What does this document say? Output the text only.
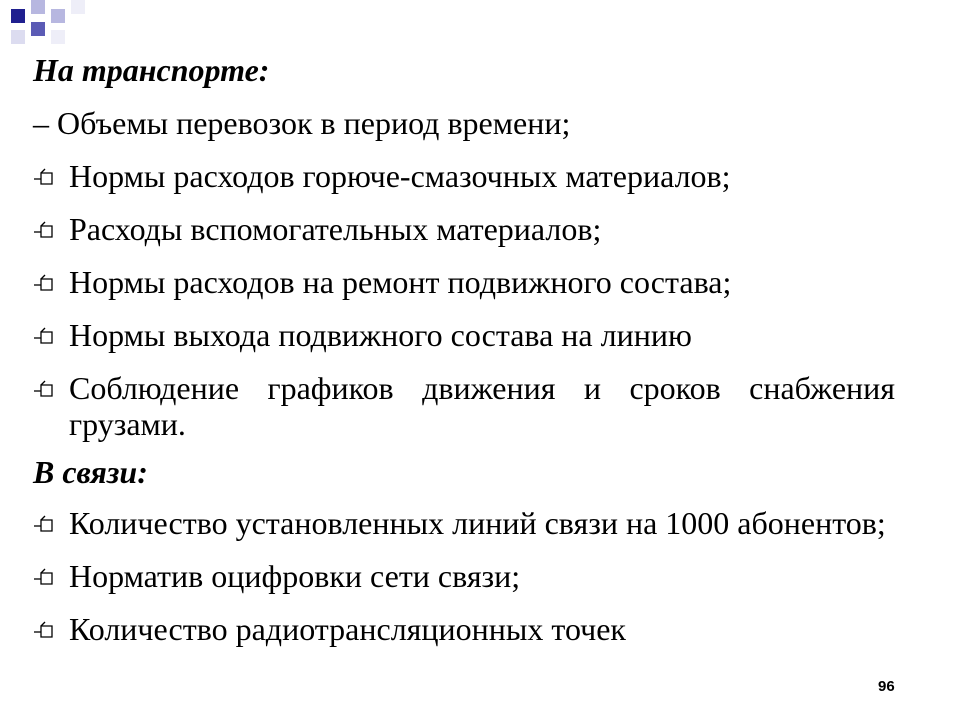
На транспорте:

– Объемы перевозок в период времени;
Нормы расходов горюче-смазочных материалов;
Расходы вспомогательных материалов;
Нормы расходов на ремонт подвижного состава;
Нормы выхода подвижного состава на линию
Соблюдение графиков движения и сроков снабжения грузами.

В связи:

Количество установленных линий связи на 1000 абонентов;
Норматив оцифровки сети связи;
Количество радиотрансляционных точек
96
